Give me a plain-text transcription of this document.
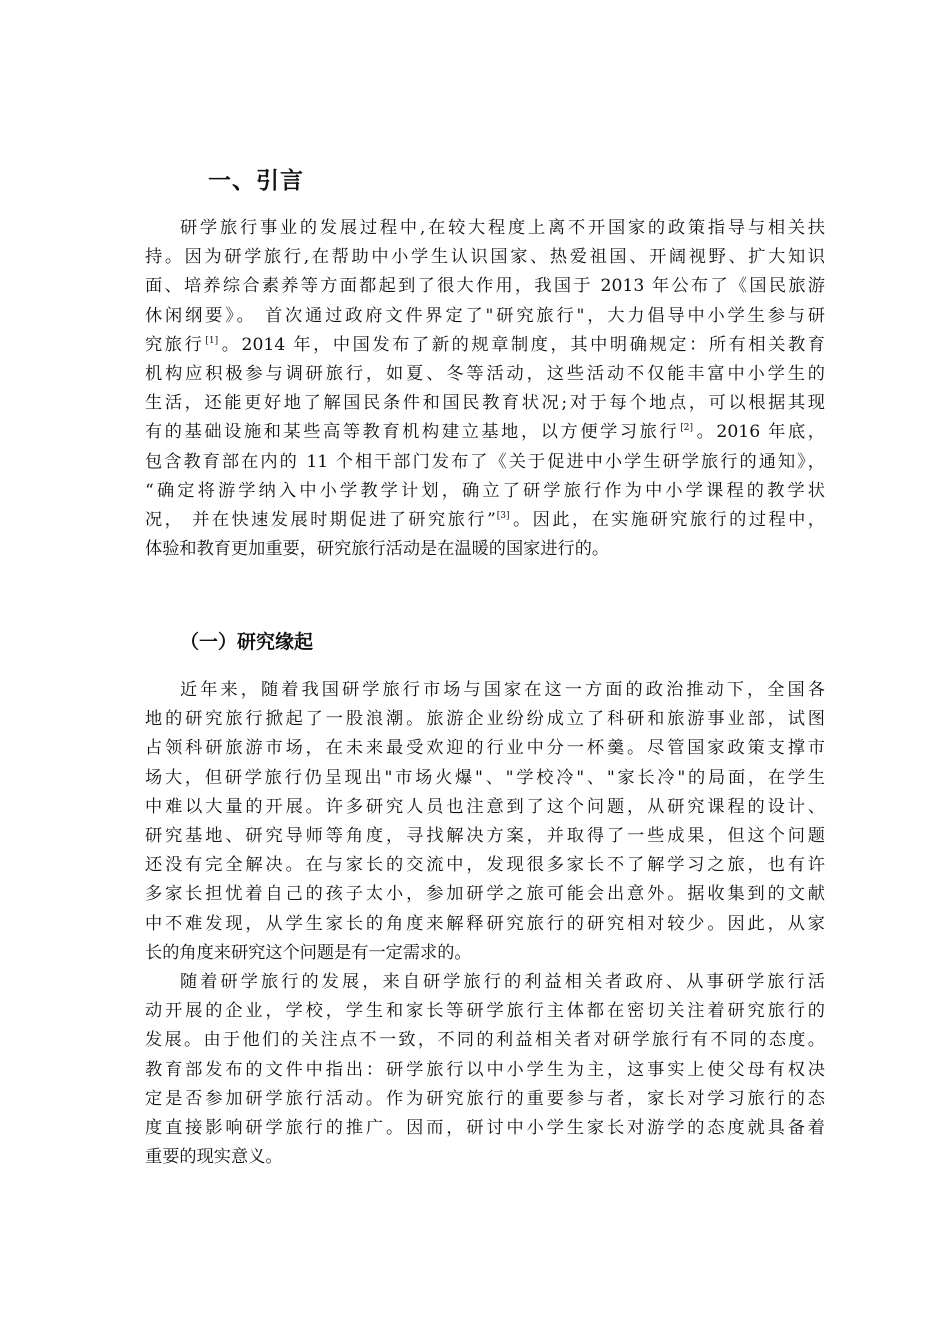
一、引言
研学旅行事业的发展过程中,在较大程度上离不开国家的政策指导与相关扶
持。因为研学旅行,在帮助中小学生认识国家、热爱祖国、开阔视野、扩大知识
面、培养综合素养等方面都起到了很大作用，我国于 2013 年公布了《国民旅游
休闲纲要》。 首次通过政府文件界定了"研究旅行"，大力倡导中小学生参与研
究旅行[1]。2014 年，中国发布了新的规章制度，其中明确规定：所有相关教育
机构应积极参与调研旅行，如夏、冬等活动，这些活动不仅能丰富中小学生的
生活，还能更好地了解国民条件和国民教育状况;对于每个地点，可以根据其现
有的基础设施和某些高等教育机构建立基地，以方便学习旅行[2]。2016 年底，
包含教育部在内的 11 个相干部门发布了《关于促进中小学生研学旅行的通知》，
“确定将游学纳入中小学教学计划，确立了研学旅行作为中小学课程的教学状
况， 并在快速发展时期促进了研究旅行”[3]。因此，在实施研究旅行的过程中，
体验和教育更加重要，研究旅行活动是在温暖的国家进行的。
（一）研究缘起
近年来，随着我国研学旅行市场与国家在这一方面的政治推动下，全国各
地的研究旅行掀起了一股浪潮。旅游企业纷纷成立了科研和旅游事业部，试图
占领科研旅游市场，在未来最受欢迎的行业中分一杯羹。尽管国家政策支撑市
场大，但研学旅行仍呈现出"市场火爆"、"学校冷"、"家长冷"的局面，在学生
中难以大量的开展。许多研究人员也注意到了这个问题，从研究课程的设计、
研究基地、研究导师等角度，寻找解决方案，并取得了一些成果，但这个问题
还没有完全解决。在与家长的交流中，发现很多家长不了解学习之旅，也有许
多家长担忧着自己的孩子太小，参加研学之旅可能会出意外。据收集到的文献
中不难发现，从学生家长的角度来解释研究旅行的研究相对较少。因此，从家
长的角度来研究这个问题是有一定需求的。
随着研学旅行的发展，来自研学旅行的利益相关者政府、从事研学旅行活
动开展的企业，学校，学生和家长等研学旅行主体都在密切关注着研究旅行的
发展。由于他们的关注点不一致，不同的利益相关者对研学旅行有不同的态度。
教育部发布的文件中指出：研学旅行以中小学生为主，这事实上使父母有权决
定是否参加研学旅行活动。作为研究旅行的重要参与者，家长对学习旅行的态
度直接影响研学旅行的推广。因而，研讨中小学生家长对游学的态度就具备着
重要的现实意义。
